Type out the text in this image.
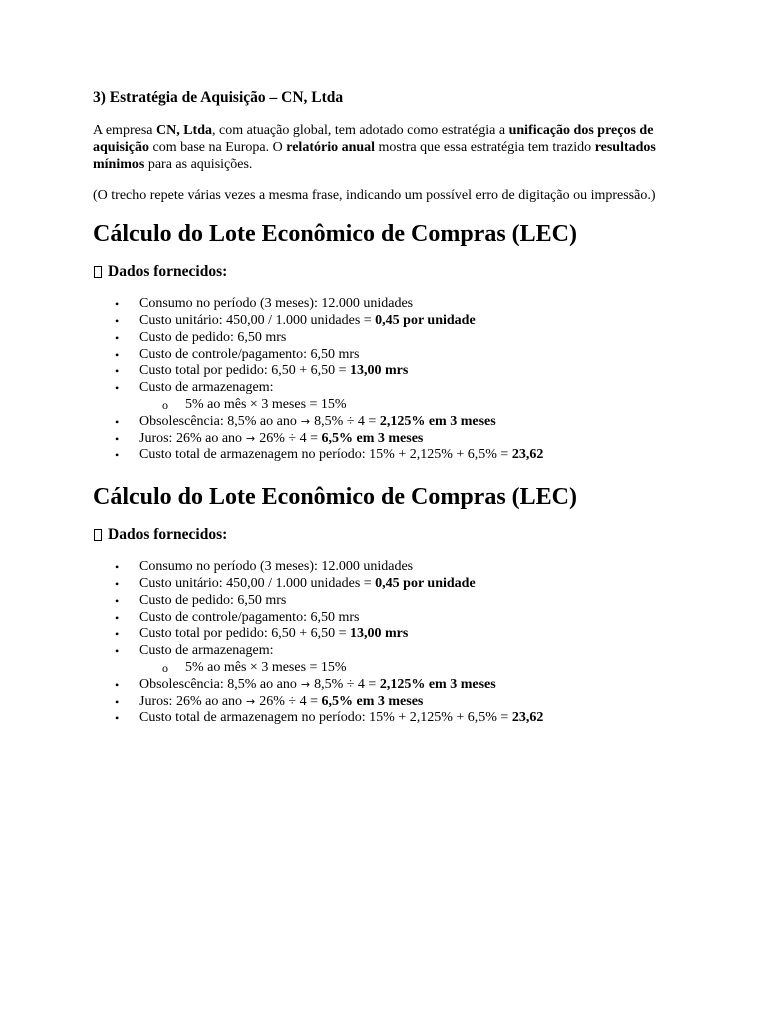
3) Estratégia de Aquisição – CN, Ltda

A empresa CN, Ltda, com atuação global, tem adotado como estratégia a unificação dos preços de aquisição com base na Europa. O relatório anual mostra que essa estratégia tem trazido resultados mínimos para as aquisições.

(O trecho repete várias vezes a mesma frase, indicando um possível erro de digitação ou impressão.)

Cálculo do Lote Econômico de Compras (LEC)
Dados fornecidos:
• Consumo no período (3 meses): 12.000 unidades
• Custo unitário: 450,00 / 1.000 unidades = 0,45 por unidade
• Custo de pedido: 6,50 mrs
• Custo de controle/pagamento: 6,50 mrs
• Custo total por pedido: 6,50 + 6,50 = 13,00 mrs
• Custo de armazenagem:
o 5% ao mês × 3 meses = 15%
• Obsolescência: 8,5% ao ano → 8,5% ÷ 4 = 2,125% em 3 meses
• Juros: 26% ao ano → 26% ÷ 4 = 6,5% em 3 meses
• Custo total de armazenagem no período: 15% + 2,125% + 6,5% = 23,62
Cálculo do Lote Econômico de Compras (LEC)
Dados fornecidos:
• Consumo no período (3 meses): 12.000 unidades
• Custo unitário: 450,00 / 1.000 unidades = 0,45 por unidade
• Custo de pedido: 6,50 mrs
• Custo de controle/pagamento: 6,50 mrs
• Custo total por pedido: 6,50 + 6,50 = 13,00 mrs
• Custo de armazenagem:
o 5% ao mês × 3 meses = 15%
• Obsolescência: 8,5% ao ano → 8,5% ÷ 4 = 2,125% em 3 meses
• Juros: 26% ao ano → 26% ÷ 4 = 6,5% em 3 meses
• Custo total de armazenagem no período: 15% + 2,125% + 6,5% = 23,62
